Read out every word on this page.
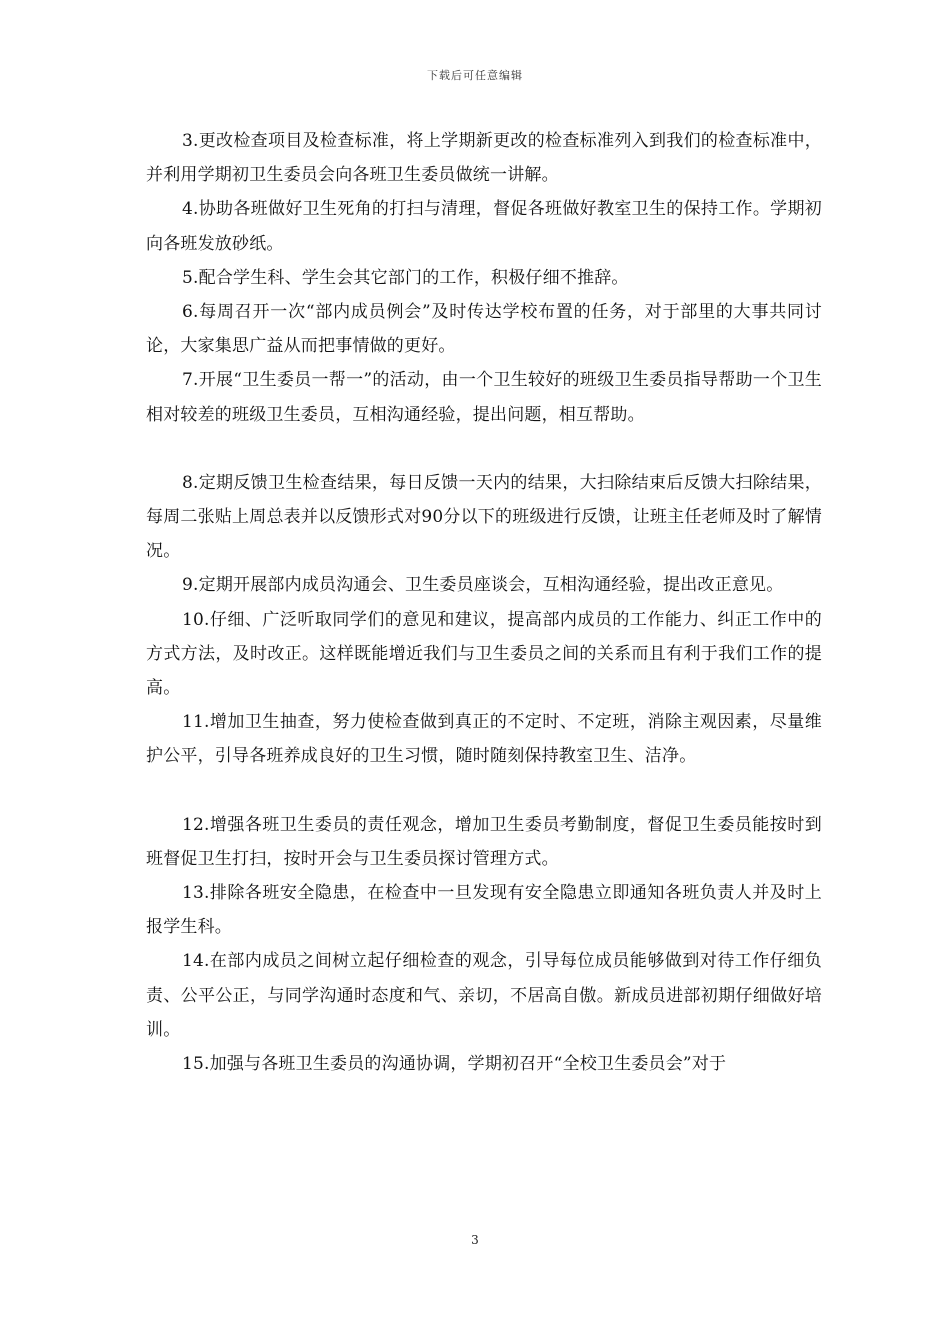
下载后可任意编辑

3.更改检查项目及检查标准，将上学期新更改的检查标准列入到我们的检查标准中，并利用学期初卫生委员会向各班卫生委员做统一讲解。

4.协助各班做好卫生死角的打扫与清理，督促各班做好教室卫生的保持工作。学期初向各班发放砂纸。

5.配合学生科、学生会其它部门的工作，积极仔细不推辞。

6.每周召开一次“部内成员例会”及时传达学校布置的任务，对于部里的大事共同讨论，大家集思广益从而把事情做的更好。

7.开展“卫生委员一帮一”的活动，由一个卫生较好的班级卫生委员指导帮助一个卫生相对较差的班级卫生委员，互相沟通经验，提出问题，相互帮助。

8.定期反馈卫生检查结果，每日反馈一天内的结果，大扫除结束后反馈大扫除结果，每周二张贴上周总表并以反馈形式对90分以下的班级进行反馈，让班主任老师及时了解情况。

9.定期开展部内成员沟通会、卫生委员座谈会，互相沟通经验，提出改正意见。

10.仔细、广泛听取同学们的意见和建议，提高部内成员的工作能力、纠正工作中的方式方法，及时改正。这样既能增近我们与卫生委员之间的关系而且有利于我们工作的提高。

11.增加卫生抽查，努力使检查做到真正的不定时、不定班，消除主观因素，尽量维护公平，引导各班养成良好的卫生习惯，随时随刻保持教室卫生、洁净。

12.增强各班卫生委员的责任观念，增加卫生委员考勤制度，督促卫生委员能按时到班督促卫生打扫，按时开会与卫生委员探讨管理方式。

13.排除各班安全隐患，在检查中一旦发现有安全隐患立即通知各班负责人并及时上报学生科。

14.在部内成员之间树立起仔细检查的观念，引导每位成员能够做到对待工作仔细负责、公平公正，与同学沟通时态度和气、亲切，不居高自傲。新成员进部初期仔细做好培训。

15.加强与各班卫生委员的沟通协调，学期初召开“全校卫生委员会”对于

3
